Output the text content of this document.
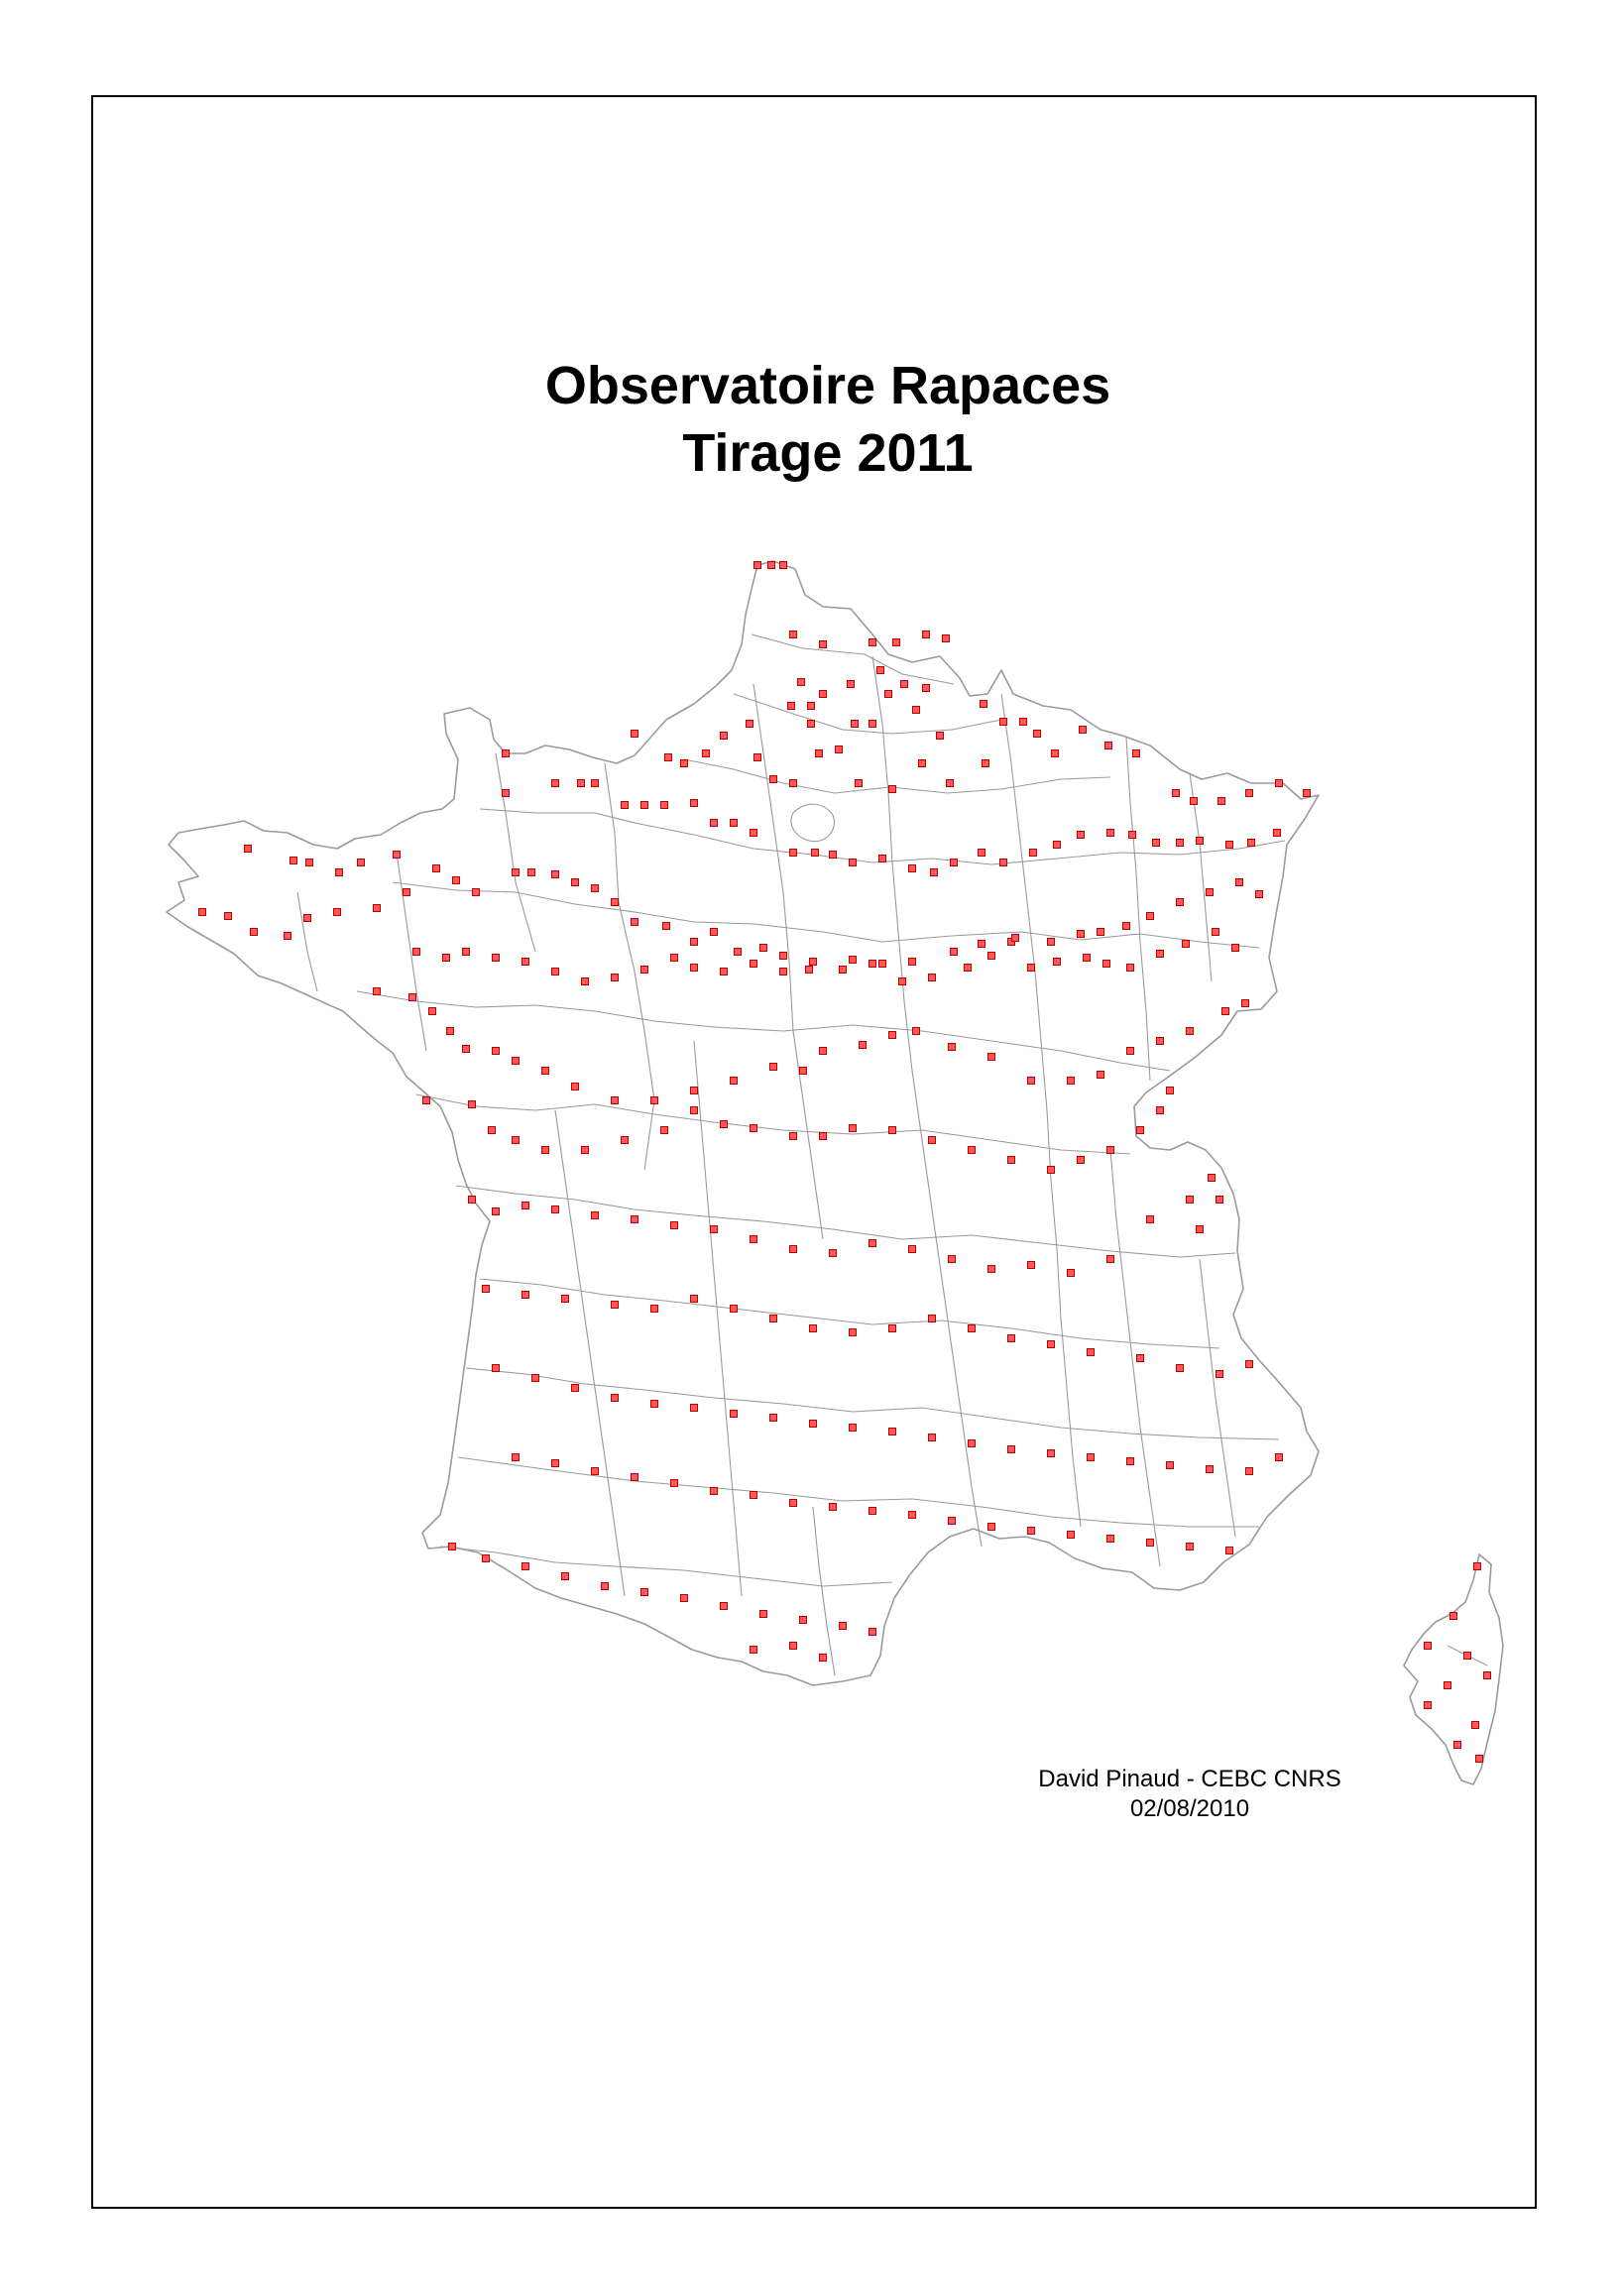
Observatoire Rapaces
Tirage 2011
David Pinaud - CEBC CNRS
02/08/2010
